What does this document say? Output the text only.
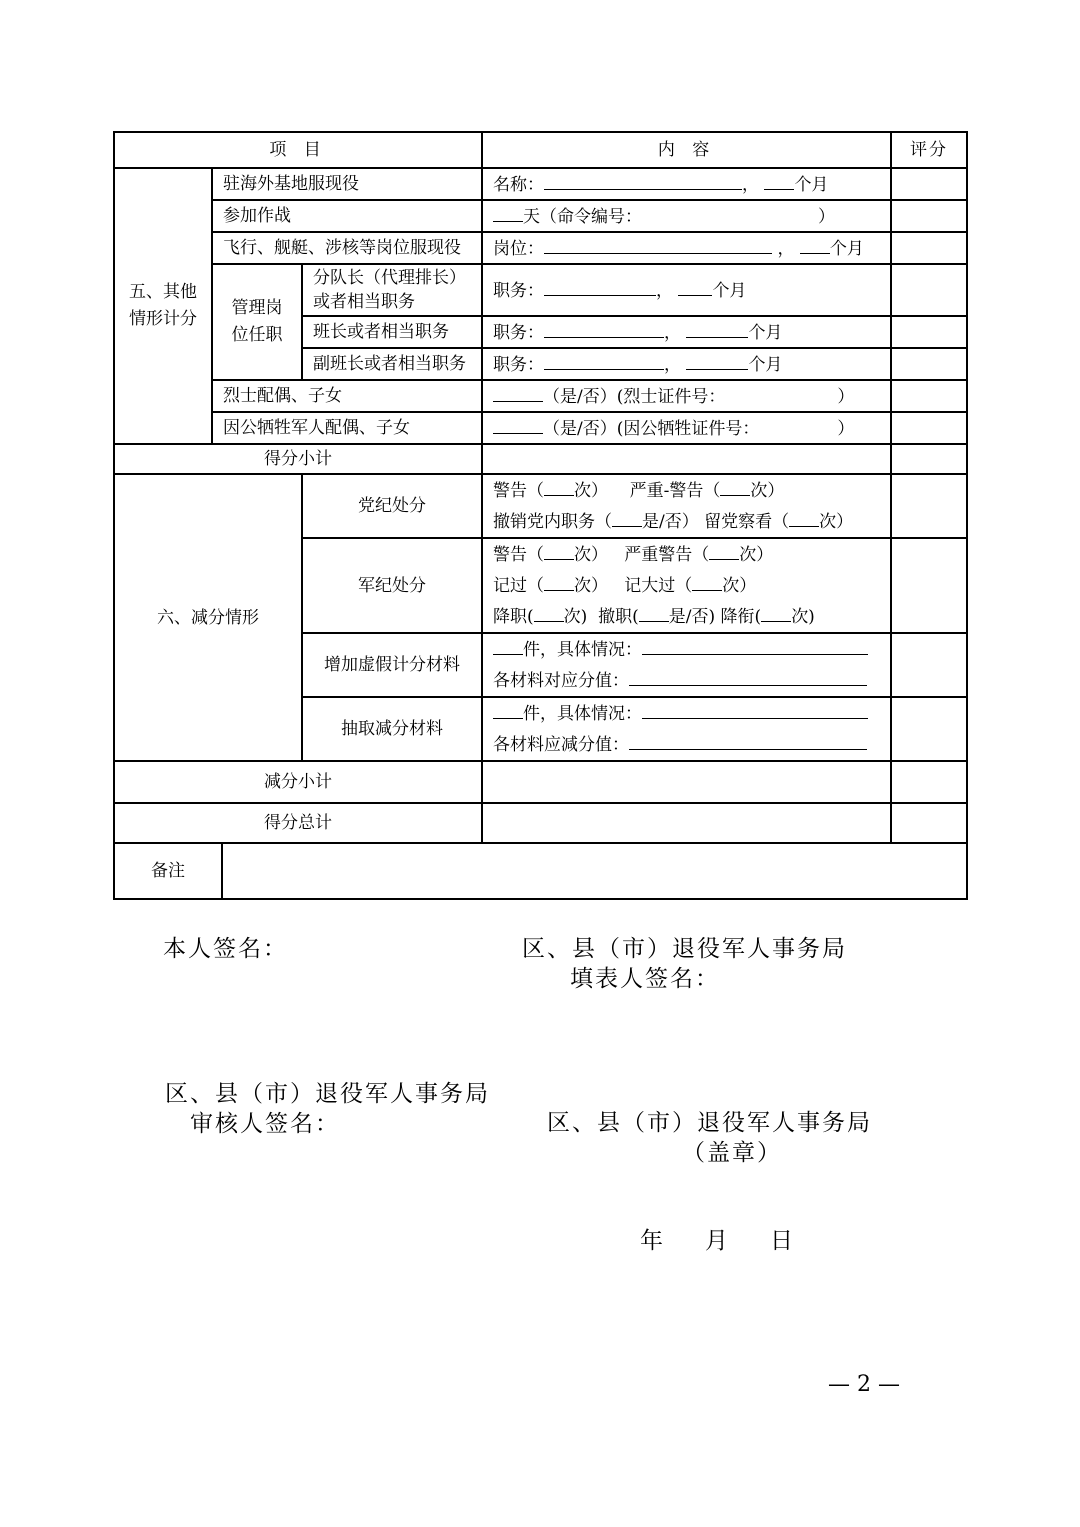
项 目				内 容	评分
五、其他情形计分	驻海外基地服现役			名称： ， 个月	
	参加作战			天（命令编号： ）	
	飞行、舰艇、涉核等岗位服现役			岗位： ， 个月	
	管理岗位任职		分队长（代理排长）或者相当职务	职务： ， 个月	
			班长或者相当职务	职务： ， 个月	
			副班长或者相当职务	职务： ， 个月	
	烈士配偶、子女			（是/否）(烈士证件号： ）	
	因公牺牲军人配偶、子女			（是/否）(因公牺牲证件号： ）	
得分小计					
六、减分情形			党纪处分	警告（ 次） 严重-警告（ 次）
撤销党内职务（ 是/否） 留党察看（ 次）	

			军纪处分	警告（ 次） 严重警告（ 次）
记过（ 次） 记大过（ 次）
降职( 次) 撤职( 是/否) 降衔( 次)	

			增加虚假计分材料	件，具体情况：
各材料对应分值：	

			抽取减分材料	件，具体情况：
各材料应减分值：	

减分小计					
得分总计					
备注					
本人签名：	区、县（市）退役军人事务局
填表人签名：
区、县（市）退役军人事务局
审核人签名：	区、县（市）退役军人事务局
（盖章）
年 月 日
— 2 —
